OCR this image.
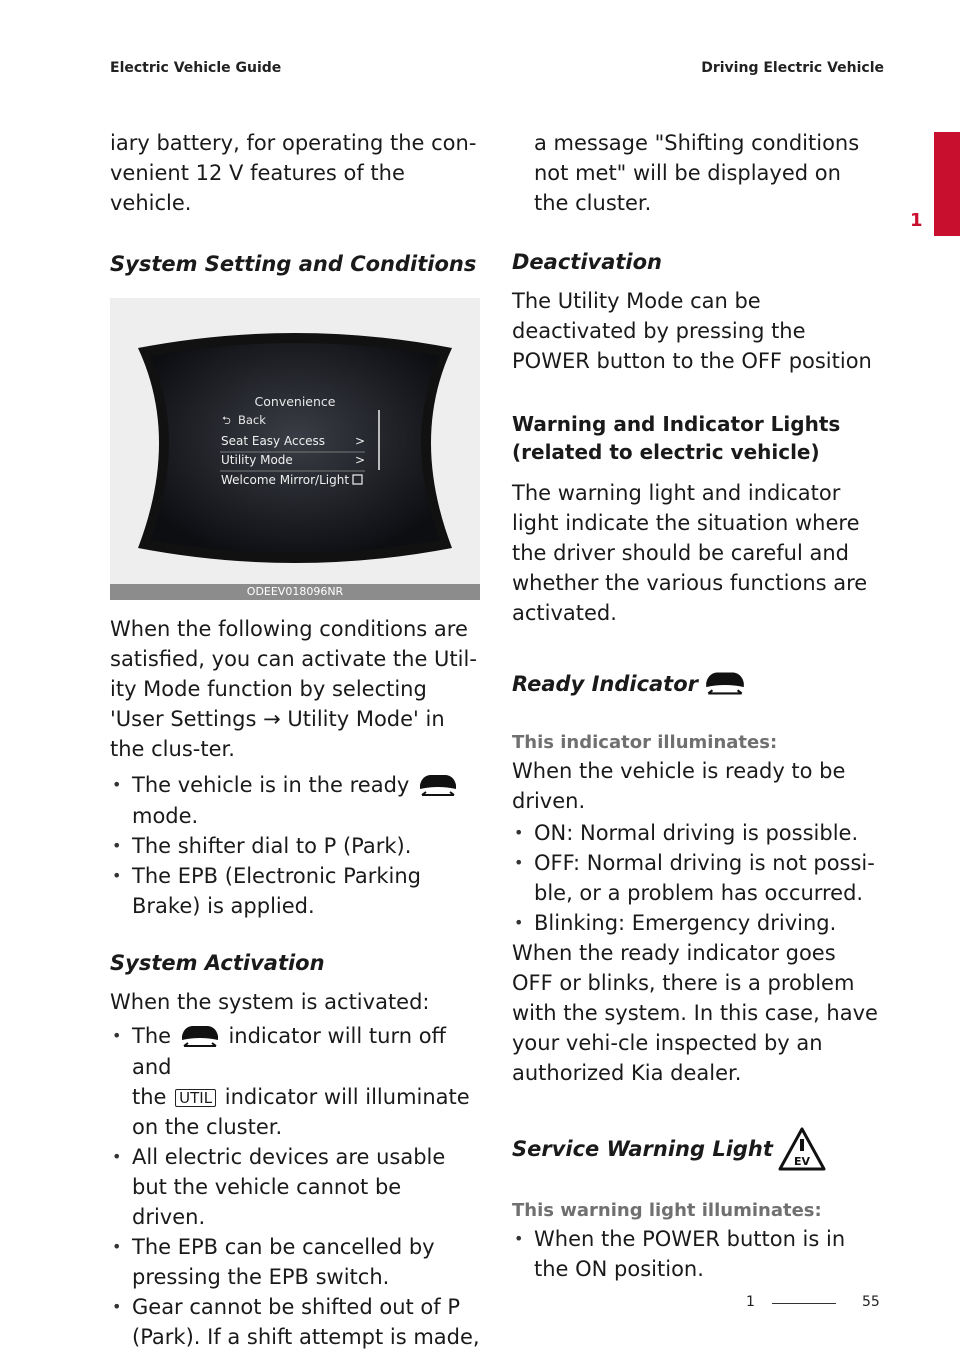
Electric Vehicle Guide	Driving Electric Vehicle
1

iary battery, for operating the con-venient 12 V features of the vehicle.

System Setting and Conditions
Convenience
⮌ Back
Seat Easy Access >
Utility Mode	>
Welcome Mirror/Light
ODEEV018096NR

When the following conditions are satisfied, you can activate the Util-ity Mode function by selecting 'User Settings → Utility Mode' in the clus-ter.

• The vehicle is in the ready
mode.
• The shifter dial to P (Park).
• The EPB (Electronic Parking Brake) is applied.
System Activation

When the system is activated:

• The	indicator will turn off and
the UTIL indicator will illuminate on the cluster.
• All electric devices are usable but the vehicle cannot be driven.
• The EPB can be cancelled by pressing the EPB switch.
• Gear cannot be shifted out of P (Park). If a shift attempt is made,

a message "Shifting conditions not met" will be displayed on the cluster.

Deactivation

The Utility Mode can be deactivated by pressing the POWER button to the OFF position

Warning and Indicator Lights (related to electric vehicle)

The warning light and indicator light indicate the situation where the driver should be careful and whether the various functions are activated.

Ready Indicator
This indicator illuminates:

When the vehicle is ready to be driven.

• ON: Normal driving is possible.
• OFF: Normal driving is not possi-ble, or a problem has occurred.
• Blinking: Emergency driving.

When the ready indicator goes OFF or blinks, there is a problem with the system. In this case, have your vehi-cle inspected by an authorized Kia dealer.

Service Warning Light
EV
This warning light illuminates:
• When the POWER button is in the ON position.
1	55
